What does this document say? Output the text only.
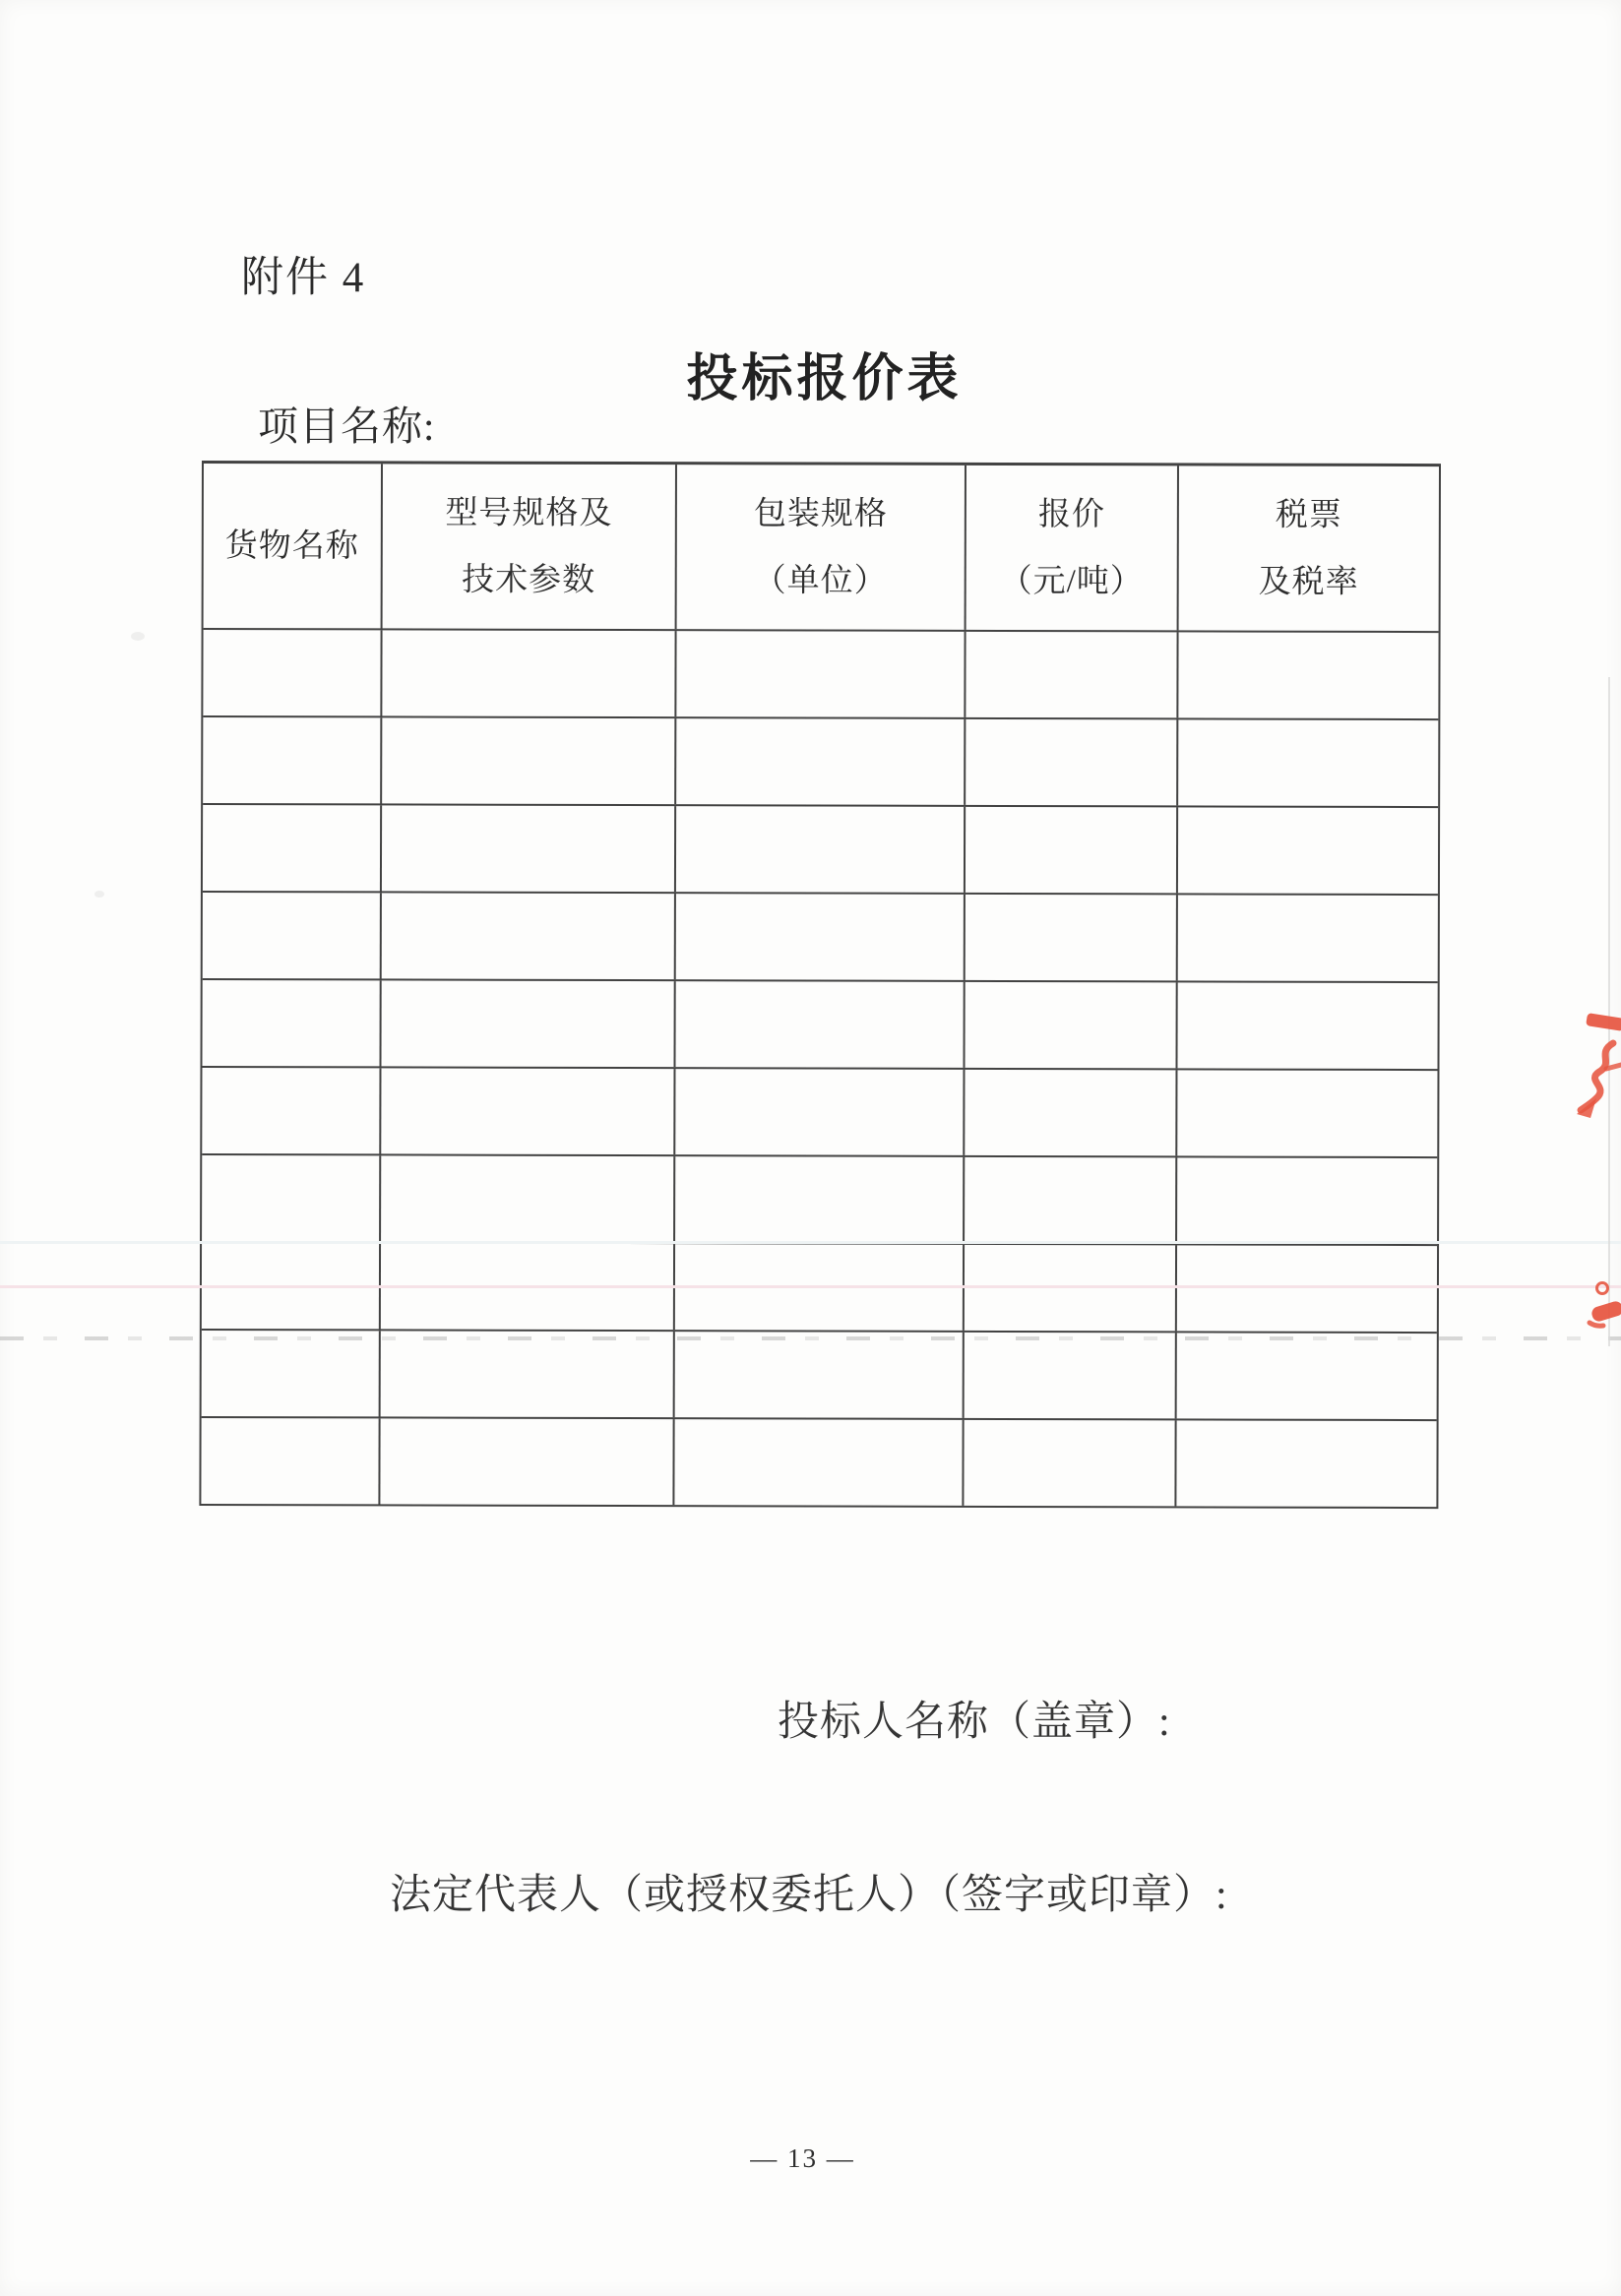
附件 4
投标报价表
项目名称:
货物名称
型号规格及
技术参数
包装规格
（单位）
报价
（元/吨）
税票
及税率
投标人名称（盖章）:
法定代表人（或授权委托人）（签字或印章）:
— 13 —
